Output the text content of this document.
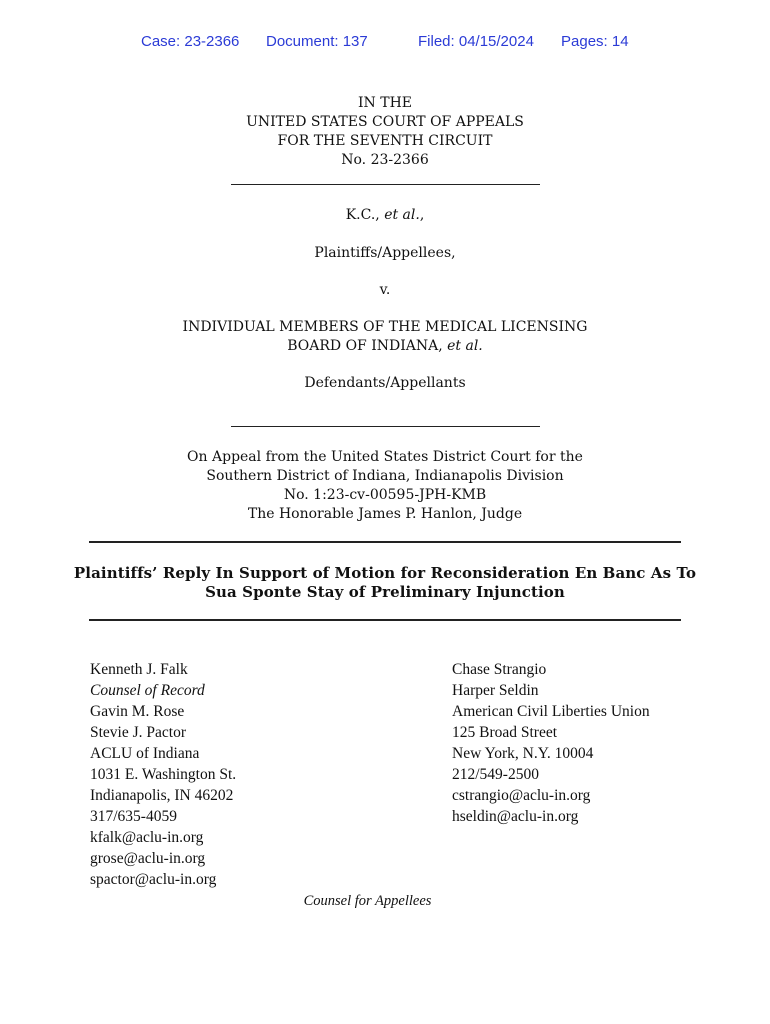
Case: 23-2366 Document: 137	Filed: 04/15/2024 Pages: 14
IN THE
UNITED STATES COURT OF APPEALS
FOR THE SEVENTH CIRCUIT
No. 23-2366
K.C., et al.,
Plaintiffs/Appellees,
v.
INDIVIDUAL MEMBERS OF THE MEDICAL LICENSING
BOARD OF INDIANA, et al.
Defendants/Appellants
On Appeal from the United States District Court for the
Southern District of Indiana, Indianapolis Division
No. 1:23-cv-00595-JPH-KMB
The Honorable James P. Hanlon, Judge
Plaintiffs’ Reply In Support of Motion for Reconsideration En Banc As To
Sua Sponte Stay of Preliminary Injunction
Kenneth J. Falk
Counsel of Record
Gavin M. Rose
Stevie J. Pactor
ACLU of Indiana
1031 E. Washington St.
Indianapolis, IN 46202
317/635-4059
kfalk@aclu-in.org
grose@aclu-in.org
spactor@aclu-in.org
Chase Strangio
Harper Seldin
American Civil Liberties Union
125 Broad Street
New York, N.Y. 10004
212/549-2500
cstrangio@aclu-in.org
hseldin@aclu-in.org
Counsel for Appellees
